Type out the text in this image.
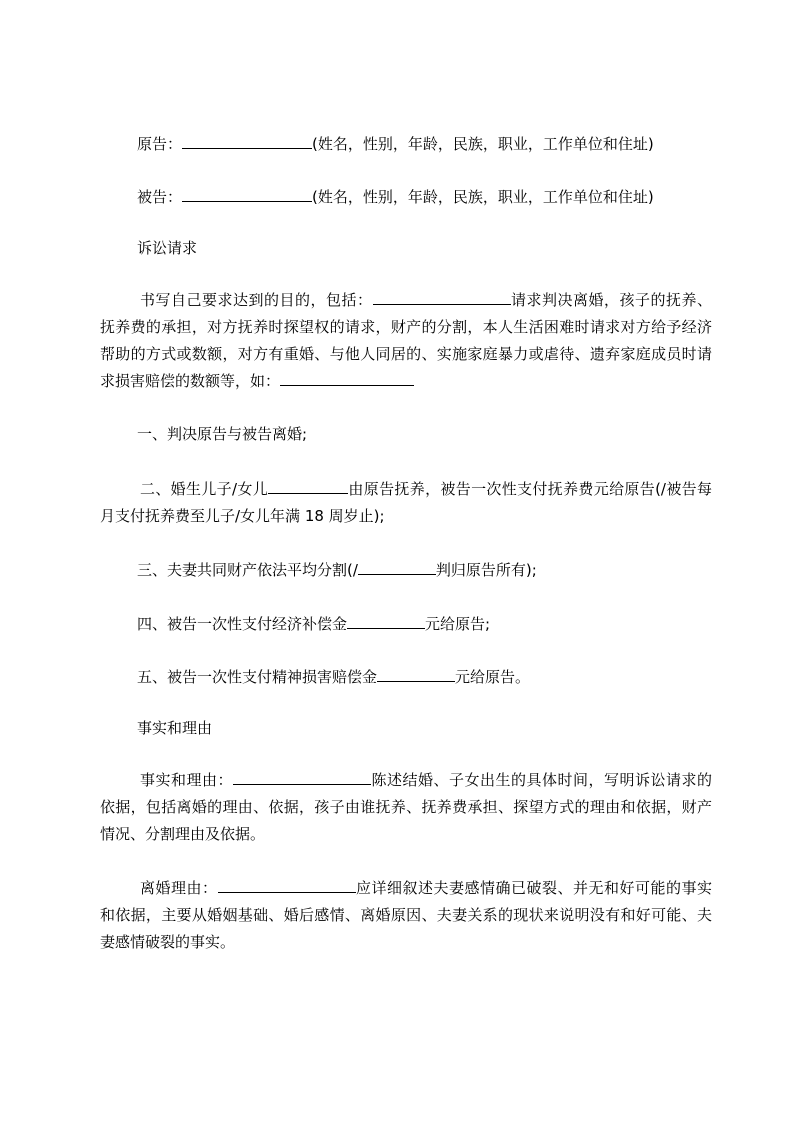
原告：	(姓名，性别，年龄，民族，职业，工作单位和住址)
被告：	(姓名，性别，年龄，民族，职业，工作单位和住址)
诉讼请求
书写自己要求达到的目的，包括：	请求判决离婚，孩子的抚养、抚养费的承担，对方抚养时探望权的请求，财产的分割，本人生活困难时请求对方给予经济帮助的方式或数额，对方有重婚、与他人同居的、实施家庭暴力或虐待、遗弃家庭成员时请求损害赔偿的数额等，如：
一、判决原告与被告离婚;
二、婚生儿子/女儿	由原告抚养，被告一次性支付抚养费元给原告(/被告每月支付抚养费至儿子/女儿年满 18 周岁止);
三、夫妻共同财产依法平均分割(/	判归原告所有);
四、被告一次性支付经济补偿金	元给原告;
五、被告一次性支付精神损害赔偿金	元给原告。
事实和理由
事实和理由：	陈述结婚、子女出生的具体时间，写明诉讼请求的依据，包括离婚的理由、依据，孩子由谁抚养、抚养费承担、探望方式的理由和依据，财产情况、分割理由及依据。
离婚理由：	应详细叙述夫妻感情确已破裂、并无和好可能的事实和依据，主要从婚姻基础、婚后感情、离婚原因、夫妻关系的现状来说明没有和好可能、夫妻感情破裂的事实。
